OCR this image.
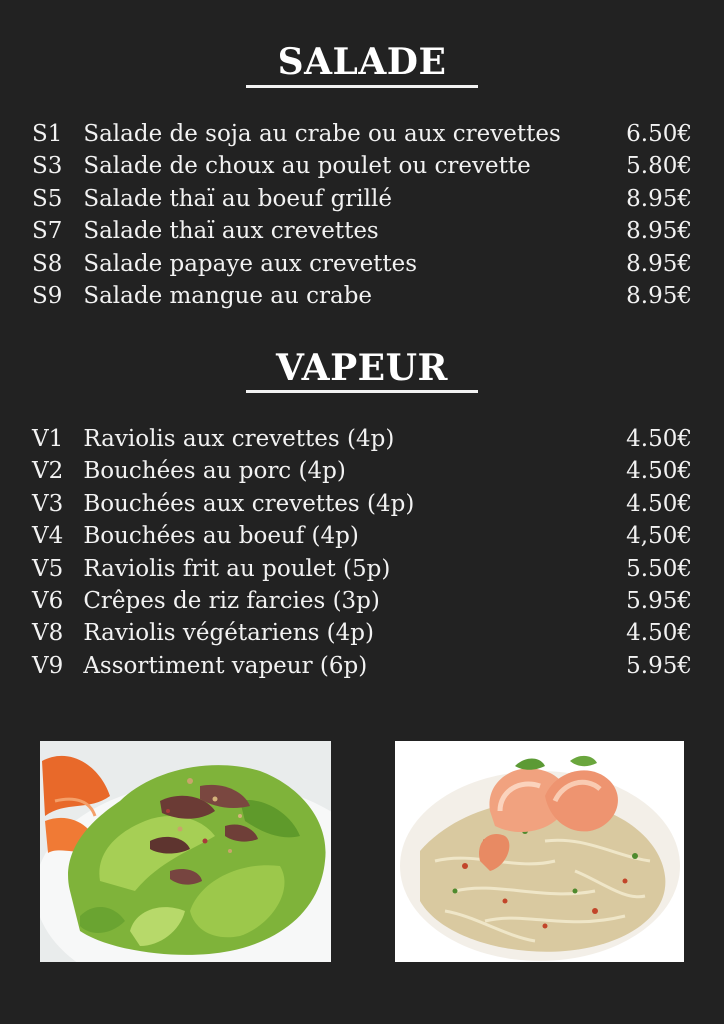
SALADE
S1 Salade de soja au crabe ou aux crevettes	6.50€
S3 Salade de choux au poulet ou crevette	5.80€
S5 Salade thaï au boeuf grillé	8.95€
S7 Salade thaï aux crevettes	8.95€
S8 Salade papaye aux crevettes	8.95€
S9 Salade mangue au crabe	8.95€
VAPEUR
V1 Raviolis aux crevettes (4p)	4.50€
V2 Bouchées au porc (4p)	4.50€
V3 Bouchées aux crevettes (4p)	4.50€
V4 Bouchées au boeuf (4p)	4,50€
V5 Raviolis frit au poulet (5p)	5.50€
V6 Crêpes de riz farcies (3p)	5.95€
V8 Raviolis végétariens (4p)	4.50€
V9 Assortiment vapeur (6p)	5.95€
